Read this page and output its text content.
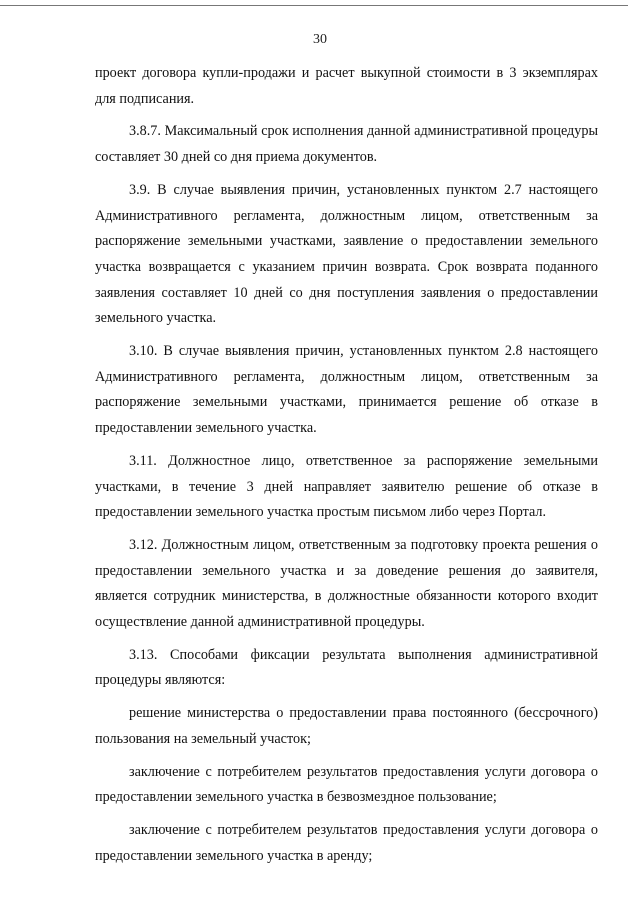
30

проект договора купли-продажи и расчет выкупной стоимости в 3 экземплярах для подписания.

3.8.7. Максимальный срок исполнения данной административной процедуры составляет 30 дней со дня приема документов.

3.9. В случае выявления причин, установленных пунктом 2.7 настоящего Административного регламента, должностным лицом, ответственным за распоряжение земельными участками, заявление о предоставлении земельного участка возвращается с указанием причин возврата. Срок возврата поданного заявления составляет 10 дней со дня поступления заявления о предоставлении земельного участка.

3.10. В случае выявления причин, установленных пунктом 2.8 настоящего Административного регламента, должностным лицом, ответственным за распоряжение земельными участками, принимается решение об отказе в предоставлении земельного участка.

3.11. Должностное лицо, ответственное за распоряжение земельными участками, в течение 3 дней направляет заявителю решение об отказе в предоставлении земельного участка простым письмом либо через Портал.

3.12. Должностным лицом, ответственным за подготовку проекта решения о предоставлении земельного участка и за доведение решения до заявителя, является сотрудник министерства, в должностные обязанности которого входит осуществление данной административной процедуры.

3.13. Способами фиксации результата выполнения административной процедуры являются:

решение министерства о предоставлении права постоянного (бессрочного) пользования на земельный участок;

заключение с потребителем результатов предоставления услуги договора о предоставлении земельного участка в безвозмездное пользование;

заключение с потребителем результатов предоставления услуги договора о предоставлении земельного участка в аренду;
